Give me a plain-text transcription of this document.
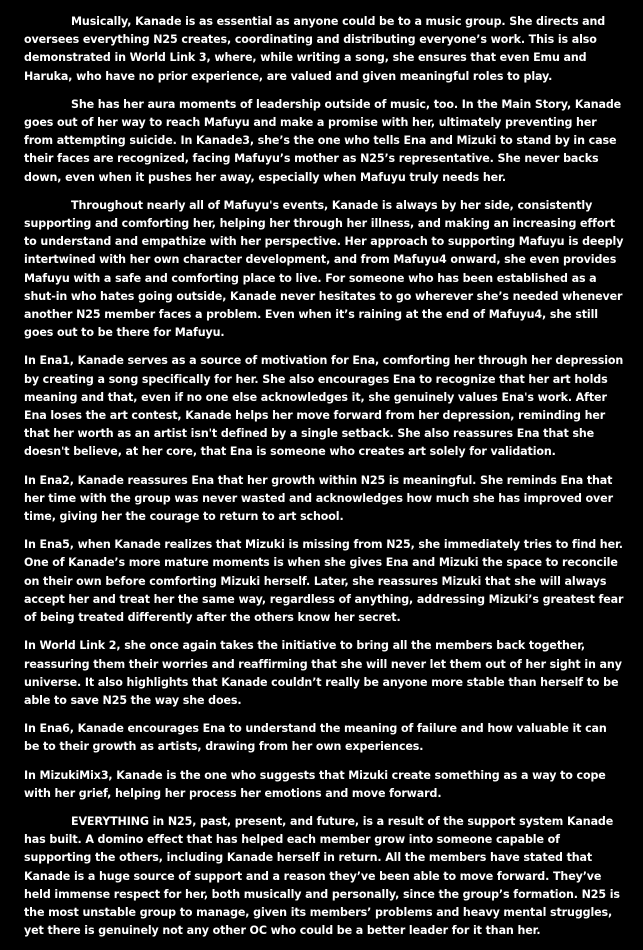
Musically, Kanade is as essential as anyone could be to a music group. She directs and oversees everything N25 creates, coordinating and distributing everyone’s work. This is also demonstrated in World Link 3, where, while writing a song, she ensures that even Emu and Haruka, who have no prior experience, are valued and given meaningful roles to play.

She has her aura moments of leadership outside of music, too. In the Main Story, Kanade goes out of her way to reach Mafuyu and make a promise with her, ultimately preventing her from attempting suicide. In Kanade3, she’s the one who tells Ena and Mizuki to stand by in case their faces are recognized, facing Mafuyu’s mother as N25’s representative. She never backs down, even when it pushes her away, especially when Mafuyu truly needs her.

Throughout nearly all of Mafuyu's events, Kanade is always by her side, consistently supporting and comforting her, helping her through her illness, and making an increasing effort to understand and empathize with her perspective. Her approach to supporting Mafuyu is deeply intertwined with her own character development, and from Mafuyu4 onward, she even provides Mafuyu with a safe and comforting place to live. For someone who has been established as a shut-in who hates going outside, Kanade never hesitates to go wherever she’s needed whenever another N25 member faces a problem. Even when it’s raining at the end of Mafuyu4, she still goes out to be there for Mafuyu.

In Ena1, Kanade serves as a source of motivation for Ena, comforting her through her depression by creating a song specifically for her. She also encourages Ena to recognize that her art holds meaning and that, even if no one else acknowledges it, she genuinely values Ena's work. After Ena loses the art contest, Kanade helps her move forward from her depression, reminding her that her worth as an artist isn't defined by a single setback. She also reassures Ena that she doesn't believe, at her core, that Ena is someone who creates art solely for validation.

In Ena2, Kanade reassures Ena that her growth within N25 is meaningful. She reminds Ena that her time with the group was never wasted and acknowledges how much she has improved over time, giving her the courage to return to art school.

In Ena5, when Kanade realizes that Mizuki is missing from N25, she immediately tries to find her. One of Kanade’s more mature moments is when she gives Ena and Mizuki the space to reconcile on their own before comforting Mizuki herself. Later, she reassures Mizuki that she will always accept her and treat her the same way, regardless of anything, addressing Mizuki’s greatest fear of being treated differently after the others know her secret.

In World Link 2, she once again takes the initiative to bring all the members back together, reassuring them their worries and reaffirming that she will never let them out of her sight in any universe. It also highlights that Kanade couldn’t really be anyone more stable than herself to be able to save N25 the way she does.

In Ena6, Kanade encourages Ena to understand the meaning of failure and how valuable it can be to their growth as artists, drawing from her own experiences.

In MizukiMix3, Kanade is the one who suggests that Mizuki create something as a way to cope with her grief, helping her process her emotions and move forward.

EVERYTHING in N25, past, present, and future, is a result of the support system Kanade has built. A domino effect that has helped each member grow into someone capable of supporting the others, including Kanade herself in return. All the members have stated that Kanade is a huge source of support and a reason they’ve been able to move forward. They’ve held immense respect for her, both musically and personally, since the group’s formation. N25 is the most unstable group to manage, given its members’ problems and heavy mental struggles, yet there is genuinely not any other OC who could be a better leader for it than her.
